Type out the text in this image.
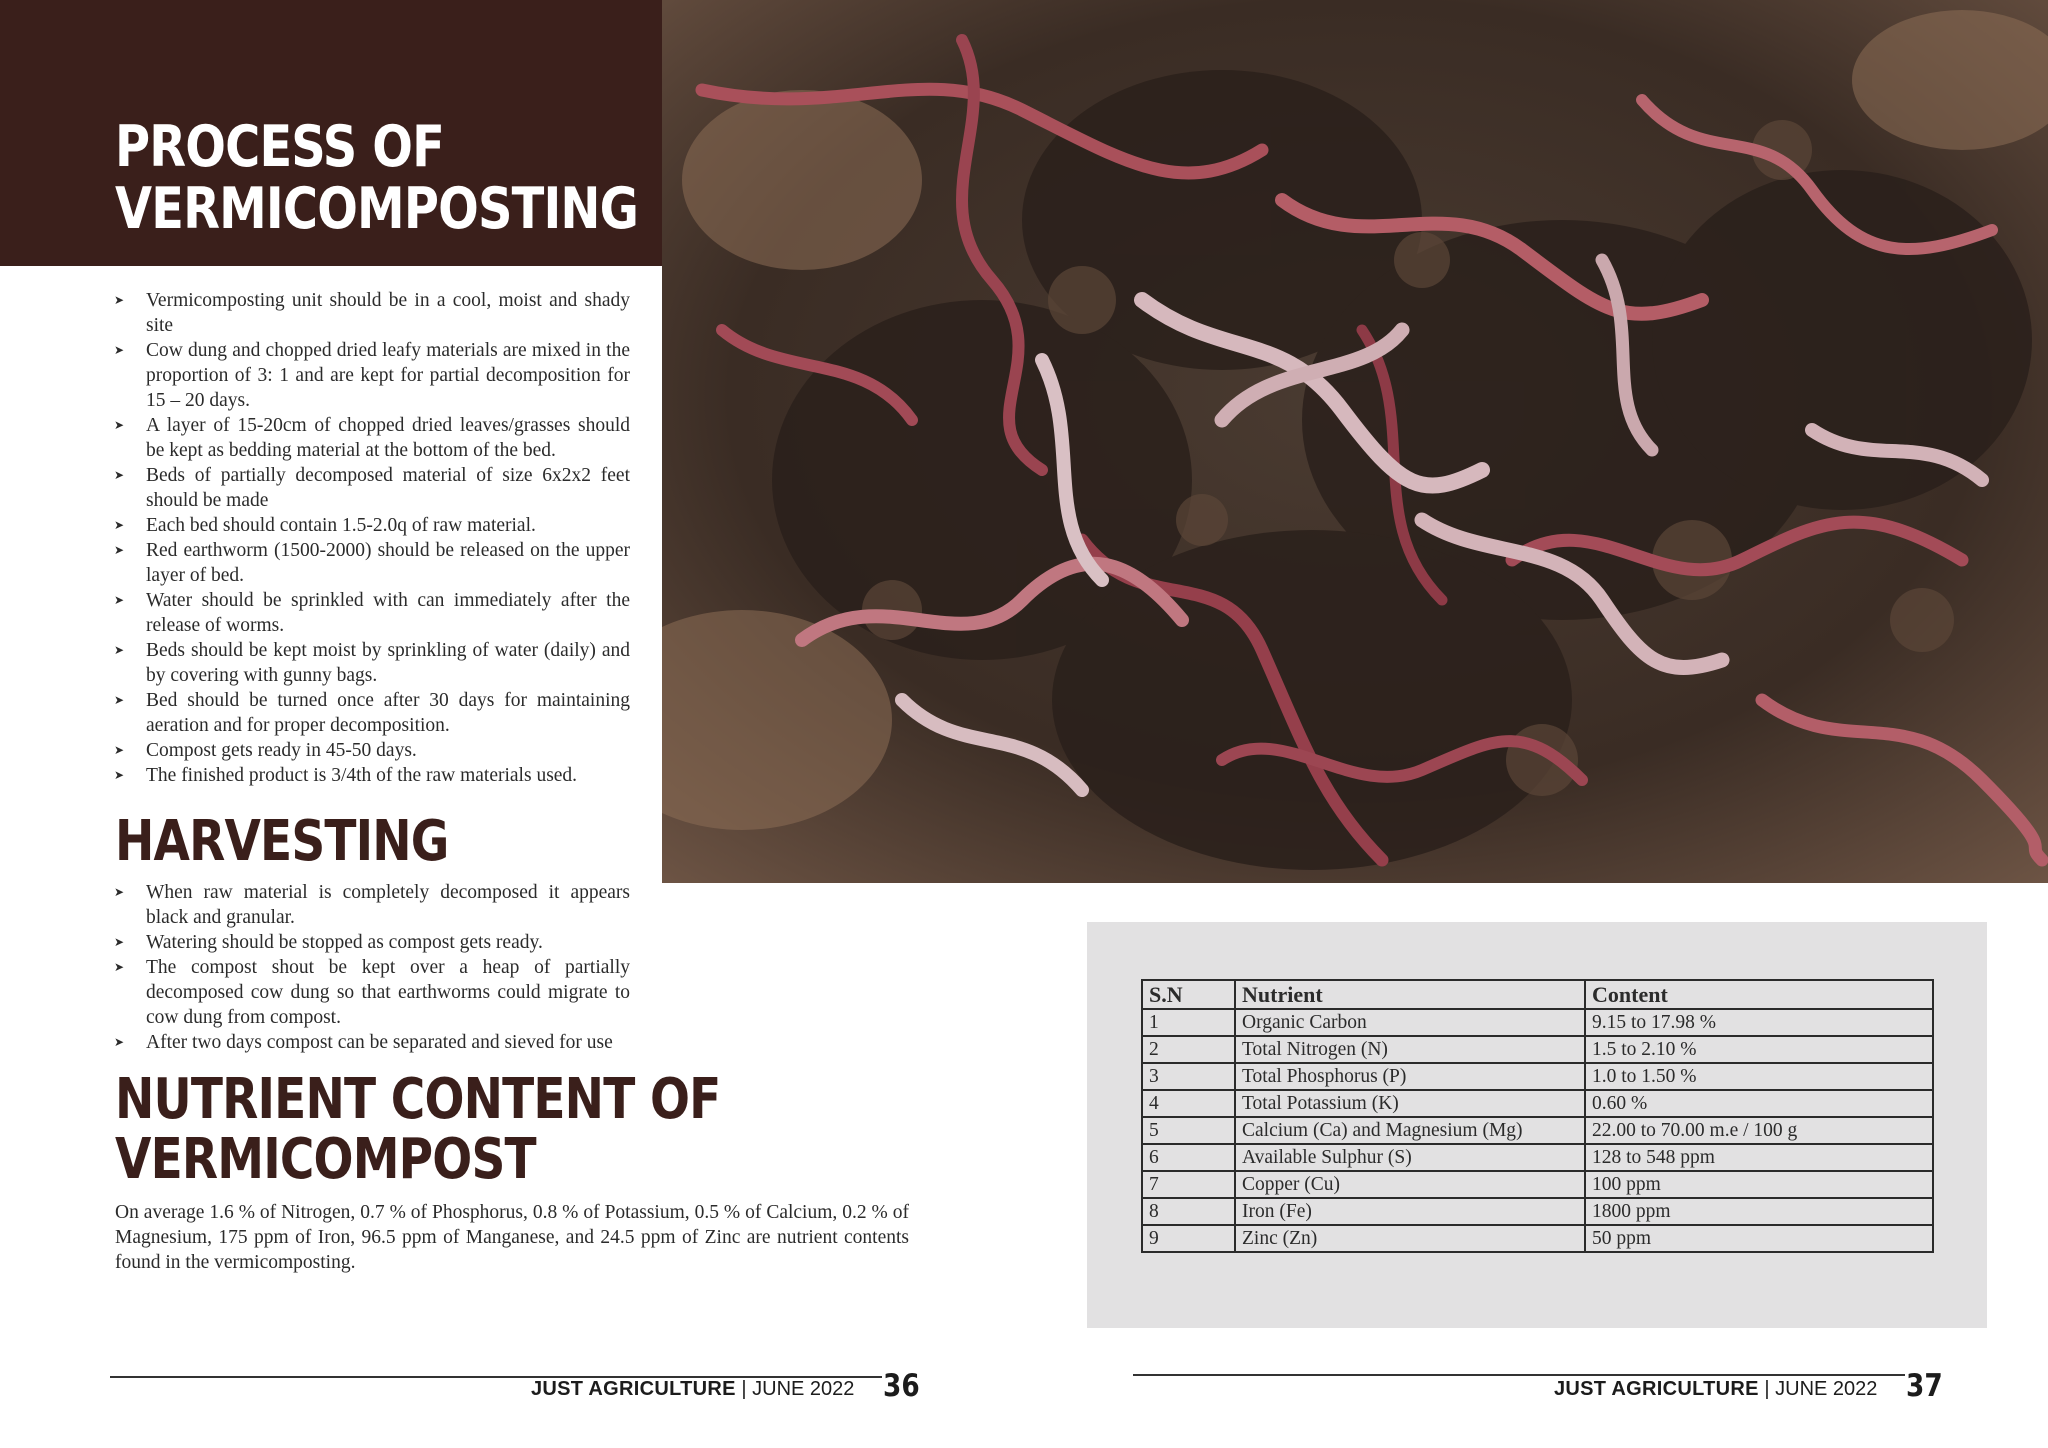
PROCESS OF
VERMICOMPOSTING
➤ Vermicomposting unit should be in a cool, moist and shady site
➤ Cow dung and chopped dried leafy materials are mixed in the proportion of 3: 1 and are kept for partial decomposition for 15 – 20 days.
➤ A layer of 15-20cm of chopped dried leaves/grasses should be kept as bedding material at the bottom of the bed.
➤ Beds of partially decomposed material of size 6x2x2 feet should be made
➤ Each bed should contain 1.5-2.0q of raw material.
➤ Red earthworm (1500-2000) should be released on the upper layer of bed.
➤ Water should be sprinkled with can immediately after the release of worms.
➤ Beds should be kept moist by sprinkling of water (daily) and by covering with gunny bags.
➤ Bed should be turned once after 30 days for maintaining aeration and for proper decomposition.
➤ Compost gets ready in 45-50 days.
➤ The finished product is 3/4th of the raw materials used.
HARVESTING
➤ When raw material is completely decomposed it appears black and granular.
➤ Watering should be stopped as compost gets ready.
➤ The compost shout be kept over a heap of partially decomposed cow dung so that earthworms could migrate to cow dung from compost.
➤ After two days compost can be separated and sieved for use
NUTRIENT CONTENT OF
VERMICOMPOST

On average 1.6 % of Nitrogen, 0.7 % of Phosphorus, 0.8 % of Potassium, 0.5 % of Calcium, 0.2 % of Magnesium, 175 ppm of Iron, 96.5 ppm of Manganese, and 24.5 ppm of Zinc are nutrient contents found in the vermicomposting.

S.N	Nutrient	Content
1	Organic Carbon	9.15 to 17.98 %
2	Total Nitrogen (N)	1.5 to 2.10 %
3	Total Phosphorus (P)	1.0 to 1.50 %
4	Total Potassium (K)	0.60 %
5	Calcium (Ca) and Magnesium (Mg)	22.00 to 70.00 m.e / 100 g
6	Available Sulphur (S)	128 to 548 ppm
7	Copper (Cu)	100 ppm
8	Iron (Fe)	1800 ppm
9	Zinc (Zn)	50 ppm
JUST AGRICULTURE | JUNE 2022 36	JUST AGRICULTURE | JUNE 2022 37
